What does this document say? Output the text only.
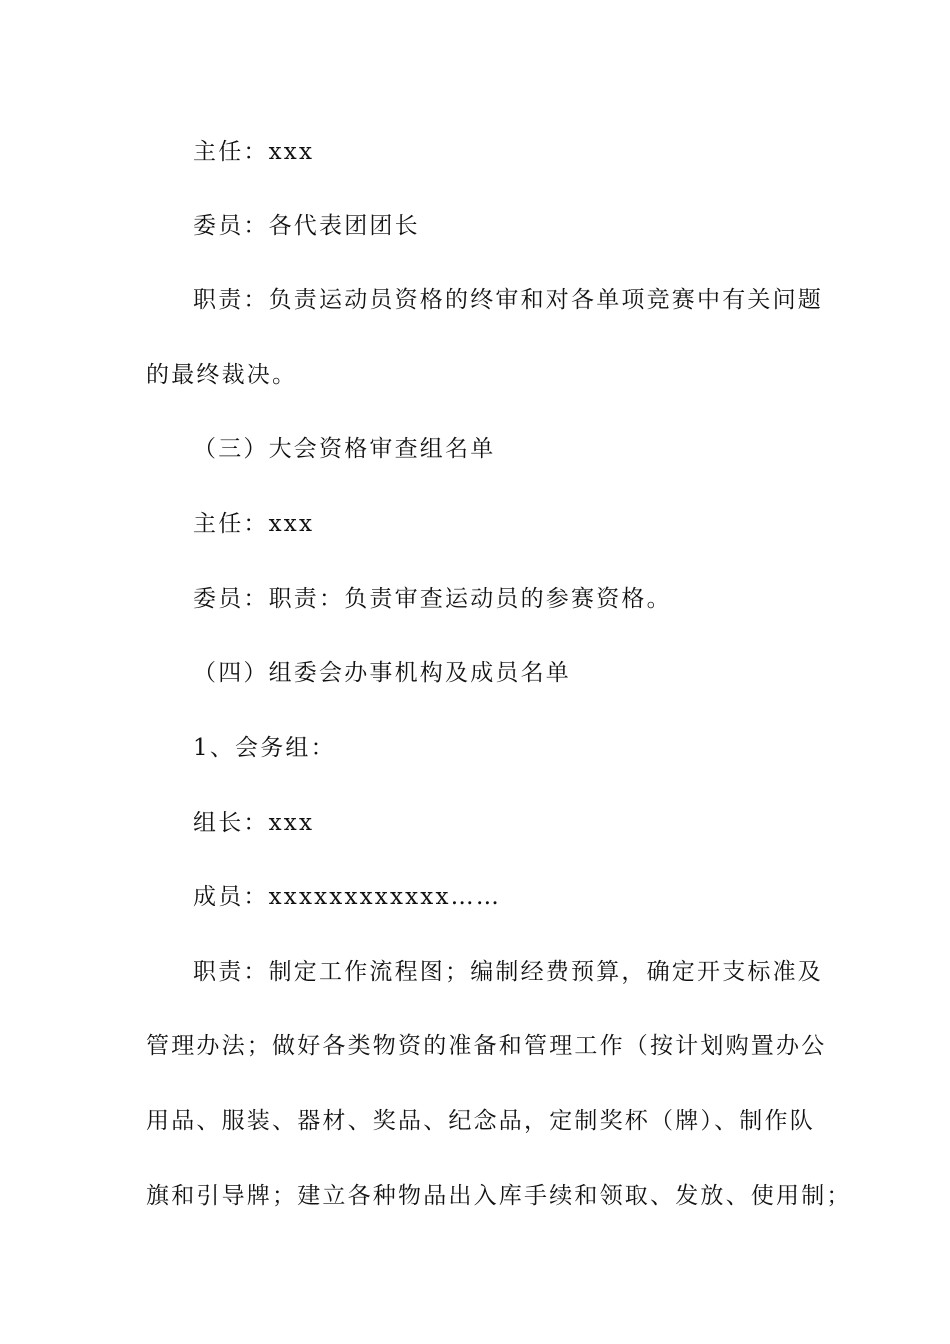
主任：xxx
委员：各代表团团长
职责：负责运动员资格的终审和对各单项竞赛中有关问题
的最终裁决。
（三）大会资格审查组名单
主任：xxx
委员：职责：负责审查运动员的参赛资格。
（四）组委会办事机构及成员名单
1、会务组：
组长：xxx
成员：xxxxxxxxxxxx……
职责：制定工作流程图；编制经费预算，确定开支标准及
管理办法；做好各类物资的准备和管理工作（按计划购置办公
用品、服装、器材、奖品、纪念品，定制奖杯（牌）、制作队
旗和引导牌；建立各种物品出入库手续和领取、发放、使用制；
